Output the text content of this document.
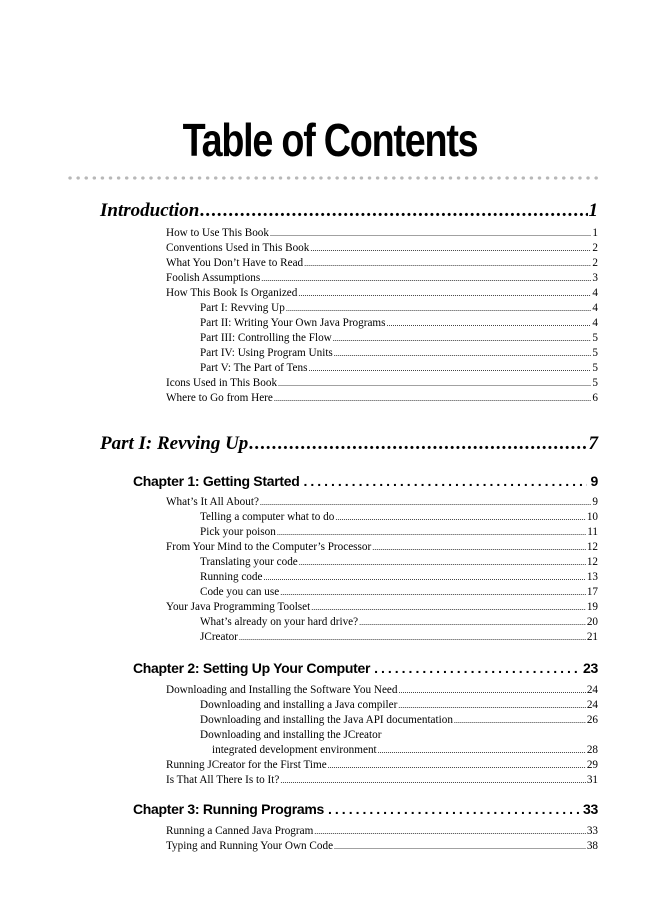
Table of Contents
Introduction .....	1
How to Use This Book .....	1
Conventions Used in This Book .....	2
What You Don’t Have to Read .....	2
Foolish Assumptions .....	3
How This Book Is Organized .....	4
Part I: Revving Up .....	4
Part II: Writing Your Own Java Programs .....	4
Part III: Controlling the Flow .....	5
Part IV: Using Program Units .....	5
Part V: The Part of Tens .....	5
Icons Used in This Book .....	5
Where to Go from Here .....	6
Part I: Revving Up .....	7
Chapter 1: Getting Started .....	9
What’s It All About? .....	9
Telling a computer what to do .....	10
Pick your poison .....	11
From Your Mind to the Computer’s Processor .....	12
Translating your code .....	12
Running code .....	13
Code you can use .....	17
Your Java Programming Toolset .....	19
What’s already on your hard drive? .....	20
JCreator .....	21
Chapter 2: Setting Up Your Computer .....	23
Downloading and Installing the Software You Need .....	24
Downloading and installing a Java compiler .....	24
Downloading and installing the Java API documentation .....	26
Downloading and installing the JCreator
integrated development environment .....	28
Running JCreator for the First Time .....	29
Is That All There Is to It? .....	31
Chapter 3: Running Programs .....	33
Running a Canned Java Program .....	33
Typing and Running Your Own Code .....	38
